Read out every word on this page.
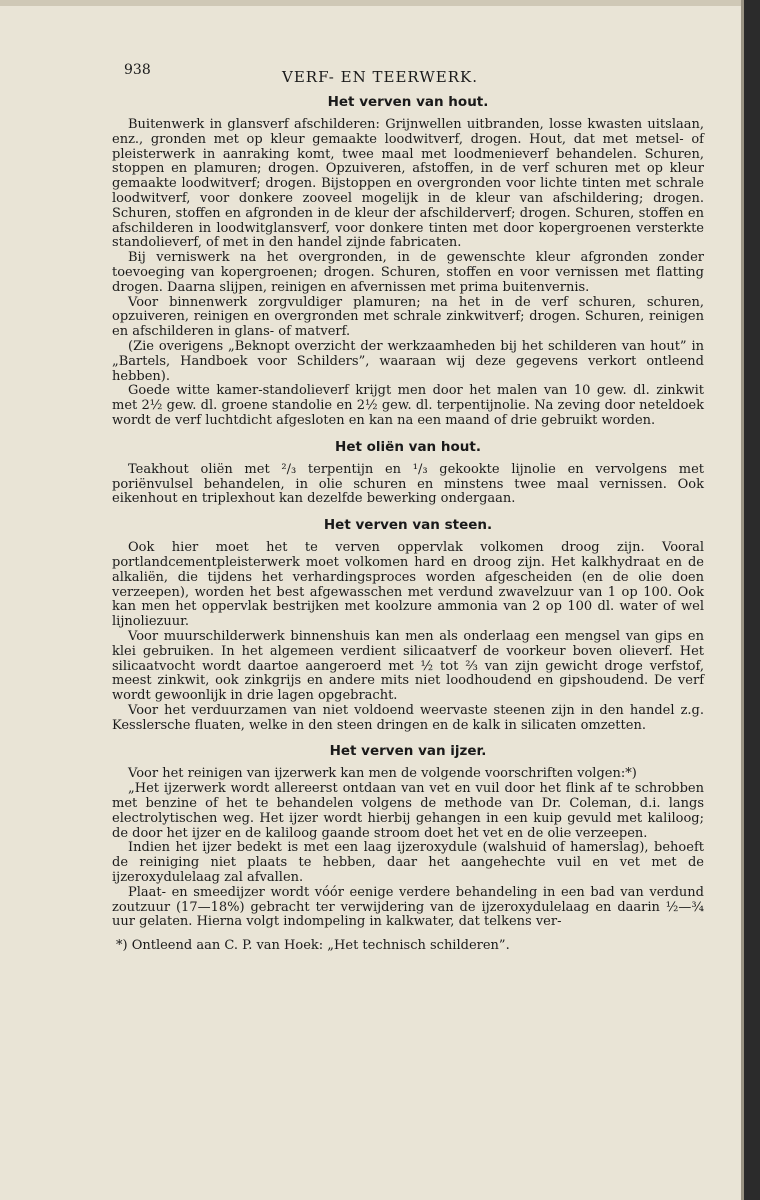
938	VERF- EN TEERWERK.
Het verven van hout.

Buitenwerk in glansverf afschilderen: Grijnwellen uitbranden, losse kwasten uitslaan, enz., gronden met op kleur gemaakte loodwitverf, drogen. Hout, dat met metsel- of pleisterwerk in aanraking komt, twee maal met loodmenieverf behandelen. Schuren, stoppen en plamuren; drogen. Opzuiveren, afstoffen, in de verf schuren met op kleur gemaakte loodwitverf; drogen. Bijstoppen en overgronden voor lichte tinten met schrale loodwitverf, voor donkere zooveel mogelijk in de kleur van afschildering; drogen. Schuren, stoffen en afgronden in de kleur der afschilderverf; drogen. Schuren, stoffen en afschilderen in loodwitglansverf, voor donkere tinten met door kopergroenen versterkte standolieverf, of met in den handel zijnde fabricaten.

Bij verniswerk na het overgronden, in de gewenschte kleur afgronden zonder toevoeging van kopergroenen; drogen. Schuren, stoffen en voor vernissen met flatting drogen. Daarna slijpen, reinigen en afvernissen met prima buitenvernis.

Voor binnenwerk zorgvuldiger plamuren; na het in de verf schuren, schuren, opzuiveren, reinigen en overgronden met schrale zinkwitverf; drogen. Schuren, reinigen en afschilderen in glans- of matverf.

(Zie overigens „Beknopt overzicht der werkzaamheden bij het schilderen van hout” in „Bartels, Handboek voor Schilders”, waaraan wij deze gegevens verkort ontleend hebben).

Goede witte kamer-standolieverf krijgt men door het malen van 10 gew. dl. zinkwit met 2½ gew. dl. groene standolie en 2½ gew. dl. terpentijnolie. Na zeving door neteldoek wordt de verf luchtdicht afgesloten en kan na een maand of drie gebruikt worden.

Het oliën van hout.

Teakhout oliën met ²/₃ terpentijn en ¹/₃ gekookte lijnolie en vervolgens met poriënvulsel behandelen, in olie schuren en minstens twee maal vernissen. Ook eikenhout en triplexhout kan dezelfde bewerking ondergaan.

Het verven van steen.

Ook hier moet het te verven oppervlak volkomen droog zijn. Vooral portlandcementpleisterwerk moet volkomen hard en droog zijn. Het kalkhydraat en de alkaliën, die tijdens het verhardingsproces worden afgescheiden (en de olie doen verzeepen), worden het best afgewasschen met verdund zwavelzuur van 1 op 100. Ook kan men het oppervlak bestrijken met koolzure ammonia van 2 op 100 dl. water of wel lijnoliezuur.

Voor muurschilderwerk binnenshuis kan men als onderlaag een mengsel van gips en klei gebruiken. In het algemeen verdient silicaatverf de voorkeur boven olieverf. Het silicaatvocht wordt daartoe aangeroerd met ½ tot ⅔ van zijn gewicht droge verfstof, meest zinkwit, ook zinkgrijs en andere mits niet loodhoudend en gipshoudend. De verf wordt gewoonlijk in drie lagen opgebracht.

Voor het verduurzamen van niet voldoend weervaste steenen zijn in den handel z.g. Kesslersche fluaten, welke in den steen dringen en de kalk in silicaten omzetten.

Het verven van ijzer.

Voor het reinigen van ijzerwerk kan men de volgende voorschriften volgen:*)

„Het ijzerwerk wordt allereerst ontdaan van vet en vuil door het flink af te schrobben met benzine of het te behandelen volgens de methode van Dr. Coleman, d.i. langs electrolytischen weg. Het ijzer wordt hierbij gehangen in een kuip gevuld met kaliloog; de door het ijzer en de kaliloog gaande stroom doet het vet en de olie verzeepen.

Indien het ijzer bedekt is met een laag ijzeroxydule (walshuid of hamerslag), behoeft de reiniging niet plaats te hebben, daar het aangehechte vuil en vet met de ijzeroxydulelaag zal afvallen.

Plaat- en smeedijzer wordt vóór eenige verdere behandeling in een bad van verdund zoutzuur (17—18%) gebracht ter verwijdering van de ijzeroxydulelaag en daarin ½—¾ uur gelaten. Hierna volgt indompeling in kalkwater, dat telkens ver-

*) Ontleend aan C. P. van Hoek: „Het technisch schilderen”.
